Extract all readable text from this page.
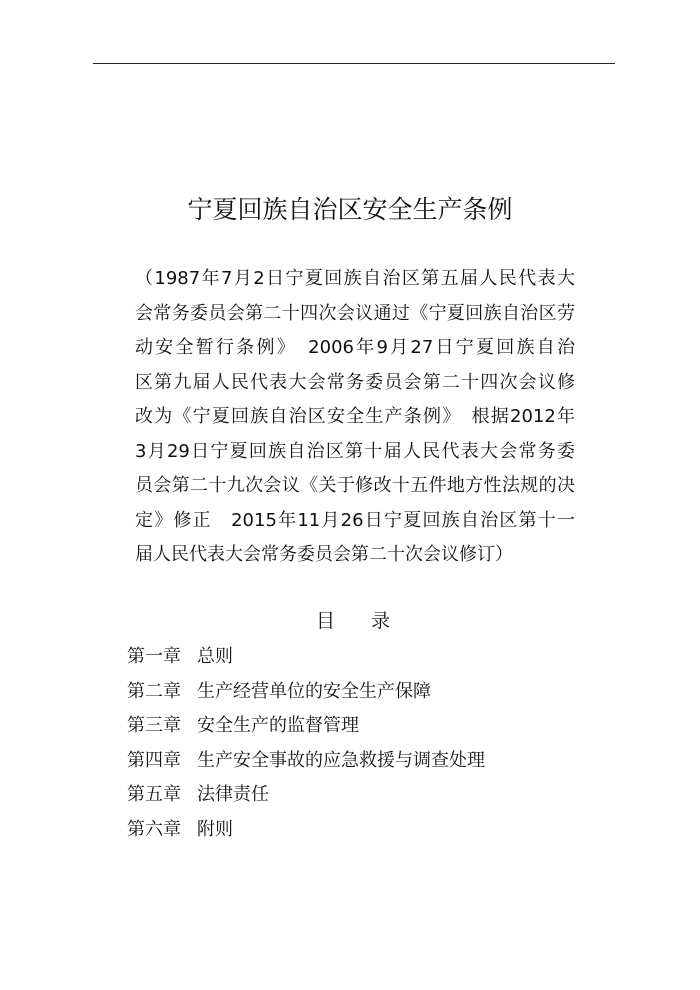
宁夏回族自治区安全生产条例
（1987年7月2日宁夏回族自治区第五届人民代表大
会常务委员会第二十四次会议通过《宁夏回族自治区劳
动安全暂行条例》　2006年9月27日宁夏回族自治
区第九届人民代表大会常务委员会第二十四次会议修
改为《宁夏回族自治区安全生产条例》　根据2012年
3月29日宁夏回族自治区第十届人民代表大会常务委
员会第二十九次会议《关于修改十五件地方性法规的决
定》修正　2015年11月26日宁夏回族自治区第十一
届人民代表大会常务委员会第二十次会议修订）
目 录
第一章 总则
第二章 生产经营单位的安全生产保障
第三章 安全生产的监督管理
第四章 生产安全事故的应急救援与调查处理
第五章 法律责任
第六章 附则
